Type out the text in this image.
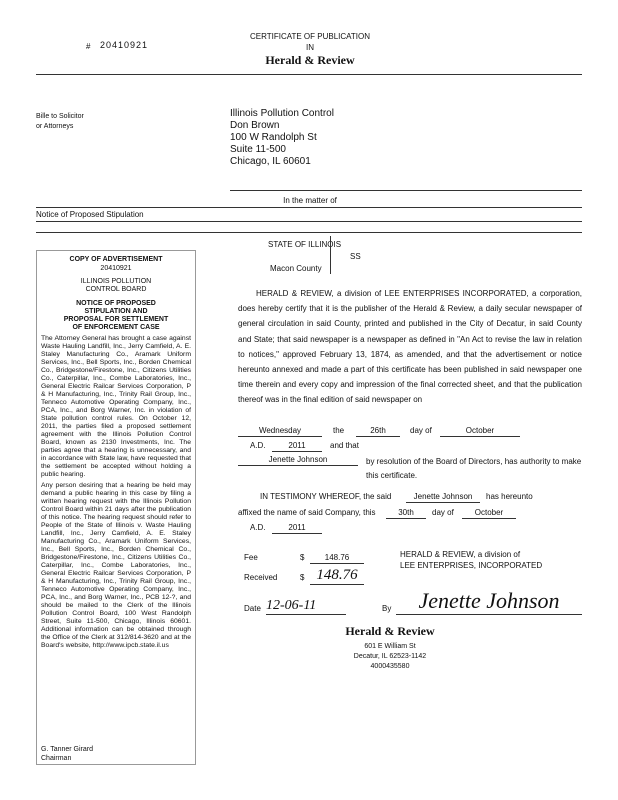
# 20410921
CERTIFICATE OF PUBLICATION
IN
Herald & Review
Bille to Solicitor
or Attorneys
Illinois Pollution Control
Don Brown
100 W Randolph St
Suite 11-500
Chicago, IL 60601
In the matter of
Notice of Proposed Stipulation
COPY OF ADVERTISEMENT
20410921
ILLINOIS POLLUTION
CONTROL BOARD
NOTICE OF PROPOSED
STIPULATION AND
PROPOSAL FOR SETTLEMENT
OF ENFORCEMENT CASE

The Attorney General has brought a case against Waste Hauling Landfill, Inc., Jerry Camfield, A. E. Staley Manufacturing Co., Aramark Uniform Services, Inc., Bell Sports, Inc., Borden Chemical Co., Bridgestone/Firestone, Inc., Citizens Utilities Co., Caterpillar, Inc., Combe Laboratories, Inc., General Electric Railcar Services Corporation, P & H Manufacturing, Inc., Trinity Rail Group, Inc., Tenneco Automotive Operating Company, Inc., PCA, Inc., and Borg Warner, Inc. in violation of State pollution control rules. On October 12, 2011, the parties filed a proposed settlement agreement with the Illinois Pollution Control Board, known as 2130 Investments, Inc. The parties agree that a hearing is unnecessary, and in accordance with State law, have requested that the settlement be accepted without holding a public hearing.

Any person desiring that a hearing be held may demand a public hearing in this case by filing a written hearing request with the Illinois Pollution Control Board within 21 days after the publication of this notice. The hearing request should refer to People of the State of Illinois v. Waste Hauling Landfill, Inc., Jerry Camfield, A. E. Staley Manufacturing Co., Aramark Uniform Services, Inc., Bell Sports, Inc., Borden Chemical Co., Bridgestone/Firestone, Inc., Citizens Utilities Co., Caterpillar, Inc., Combe Laboratories, Inc., General Electric Railcar Services Corporation, P & H Manufacturing, Inc., Trinity Rail Group, Inc., Tenneco Automotive Operating Company, Inc., PCA, Inc., and Borg Warner, Inc., PCB 12-?, and should be mailed to the Clerk of the Illinois Pollution Control Board, 100 West Randolph Street, Suite 11-500, Chicago, Illinois 60601. Additional information can be obtained through the Office of the Clerk at 312/814-3620 and at the Board's website, http://www.ipcb.state.il.us

G. Tanner Girard
Chairman
STATE OF ILLINOIS
SS
Macon County
HERALD & REVIEW, a division of LEE ENTERPRISES INCORPORATED, a corporation, does hereby certify that it is the publisher of the Herald & Review, a daily secular newspaper of general circulation in said County, printed and published in the City of Decatur, in said County and State; that said newspaper is a newspaper as defined in "An Act to revise the law in relation to notices," approved February 13, 1874, as amended, and that the advertisement or notice hereunto annexed and made a part of this certificate has been published in said newspaper one time therein and every copy and impression of the final corrected sheet, and that the publication thereof was in the final edition of said newspaper on
Wednesday	the	26th	day of	October
A.D.	2011	and that
Jenette Johnson	by resolution of the Board of Directors, has authority to make this certificate.
IN TESTIMONY WHEREOF, the said	Jenette Johnson	has hereunto
affixed the name of said Company, this	30th	day of	October
A.D.	2011
Fee	$	148.76	HERALD & REVIEW, a division of
LEE ENTERPRISES, INCORPORATED
Received	$ 148.76
Date 12-06-11	By	Jenette Johnson
Herald & Review
601 E William St
Decatur, IL 62523-1142
4000435580
